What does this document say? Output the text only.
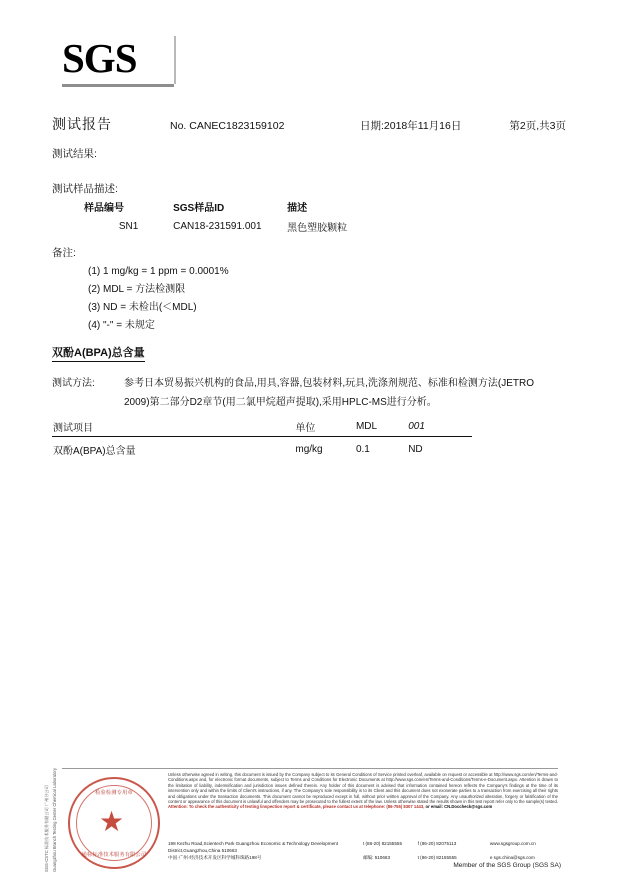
SGS
测试报告	No. CANEC1823159102	日期:2018年11月16日	第2页,共3页
测试结果:
测试样品描述:
样品编号	SGS样品ID	描述
SN1	CAN18-231591.001	黑色塑胶颗粒
备注:
(1) 1 mg/kg = 1 ppm = 0.0001%
(2) MDL = 方法检测限
(3) ND = 未检出(＜MDL)
(4) "-" = 未规定
双酚A(BPA)总含量
测试方法:	参考日本贸易振兴机构的食品,用具,容器,包装材料,玩具,洗涤剂规范、标准和检测方法(JETRO 2009)第二部分D2章节(用二氯甲烷超声提取),采用HPLC-MS进行分析。
测试项目	单位	MDL	001
双酚A(BPA)总含量	mg/kg	0.1	ND
检验检测专用章
★
通标标准技术服务有限公司
SGS-CSTC 标准技术服务有限公司 广州分公司 Guangzhou Branch Testing Center Chemical Laboratory	Unless otherwise agreed in writing, this document is issued by the Company subject to its General Conditions of Service printed overleaf, available on request or accessible at http://www.sgs.com/en/Terms-and-Conditions.aspx and, for electronic format documents, subject to Terms and Conditions for Electronic Documents at http://www.sgs.com/en/Terms-and-Conditions/Terms-e-Document.aspx. Attention is drawn to the limitation of liability, indemnification and jurisdiction issues defined therein. Any holder of this document is advised that information contained hereon reflects the Company's findings at the time of its intervention only and within the limits of Client's instructions, if any. The Company's sole responsibility is to its Client and this document does not exonerate parties to a transaction from exercising all their rights and obligations under the transaction documents. This document cannot be reproduced except in full, without prior written approval of the Company. Any unauthorized alteration, forgery or falsification of the content or appearance of this document is unlawful and offenders may be prosecuted to the fullest extent of the law. Unless otherwise stated the results shown in this test report refer only to the sample(s) tested. Attention: To check the authenticity of testing /inspection report & certificate, please contact us at telephone: (86-755) 8307 1443, or email: CN.Doccheck@sgs.com
198 Kezhu Road,Scientech Park Guangzhou Economic & Technology Development District,Guangzhou,China 510663
t (86-20) 82155555	f (86-20) 82075113	www.sgsgroup.com.cn
中国·广州·经济技术开发区科学城科珠路198号	邮编: 510663	t (86-20) 82155555	e sgs.china@sgs.com
Member of the SGS Group (SGS SA)
